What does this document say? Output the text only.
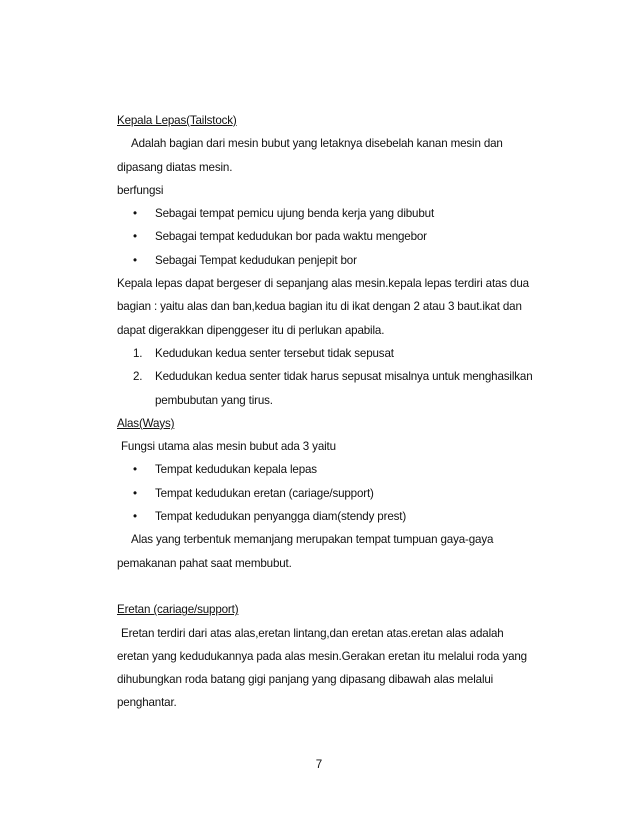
Kepala Lepas(Tailstock)
Adalah bagian dari mesin bubut yang letaknya disebelah kanan mesin dan
dipasang diatas mesin.
berfungsi
• Sebagai tempat pemicu ujung benda kerja yang dibubut
• Sebagai tempat kedudukan bor pada waktu mengebor
• Sebagai Tempat kedudukan penjepit bor
Kepala lepas dapat bergeser di sepanjang alas mesin.kepala lepas terdiri atas dua
bagian : yaitu alas dan ban,kedua bagian itu di ikat dengan 2 atau 3 baut.ikat dan
dapat digerakkan dipenggeser itu di perlukan apabila.
1. Kedudukan kedua senter tersebut tidak sepusat
2. Kedudukan kedua senter tidak harus sepusat misalnya untuk menghasilkan
pembubutan yang tirus.
Alas(Ways)
Fungsi utama alas mesin bubut ada 3 yaitu
• Tempat kedudukan kepala lepas
• Tempat kedudukan eretan (cariage/support)
• Tempat kedudukan penyangga diam(stendy prest)
Alas yang terbentuk memanjang merupakan tempat tumpuan gaya-gaya
pemakanan pahat saat membubut.
Eretan (cariage/support)
Eretan terdiri dari atas alas,eretan lintang,dan eretan atas.eretan alas adalah
eretan yang kedudukannya pada alas mesin.Gerakan eretan itu melalui roda yang
dihubungkan roda batang gigi panjang yang dipasang dibawah alas melalui
penghantar.
7
